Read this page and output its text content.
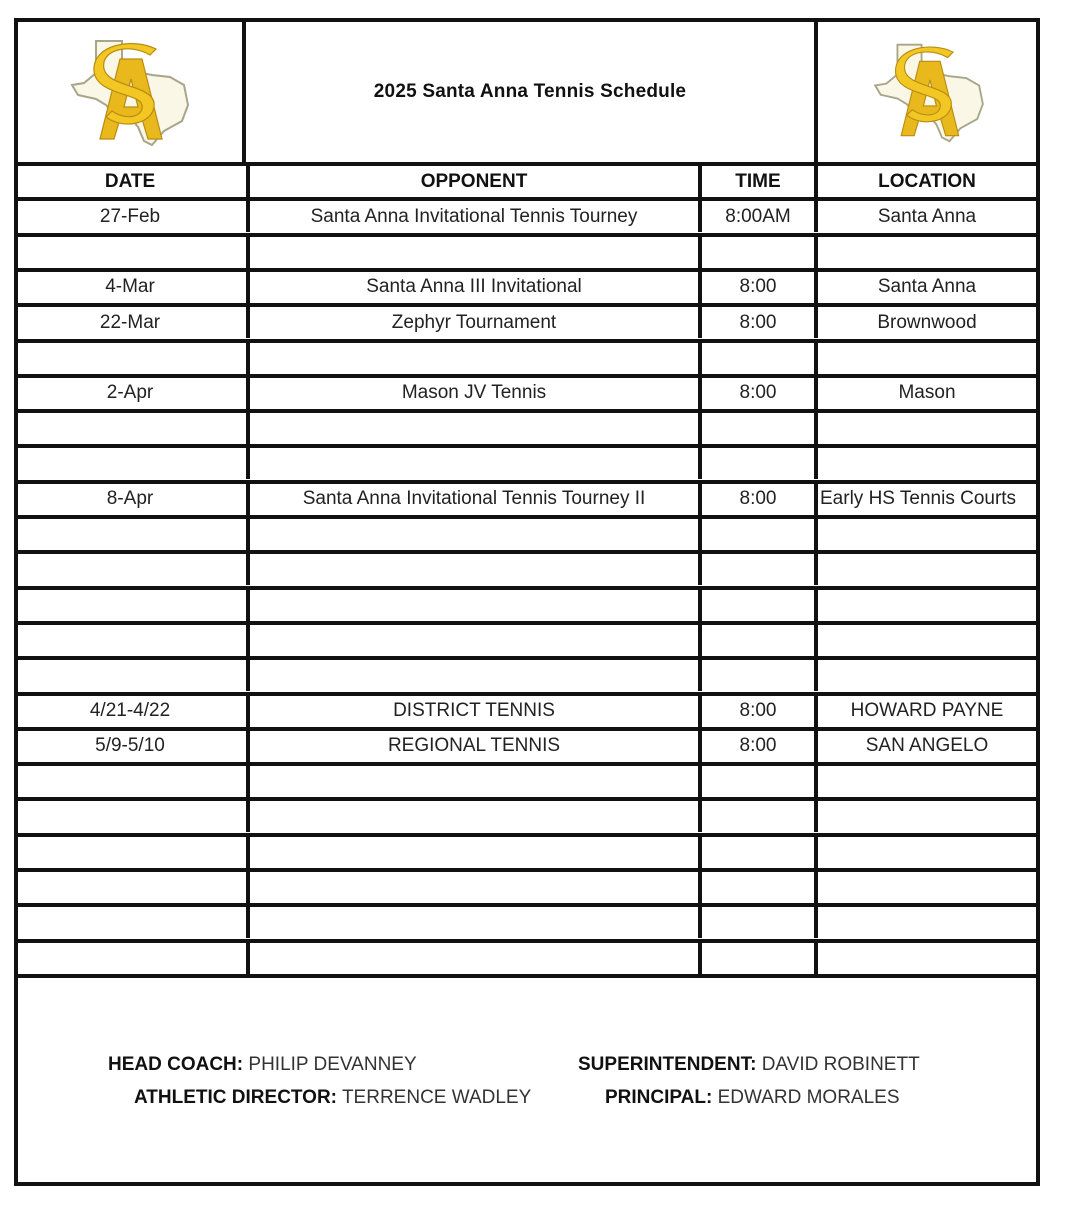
2025 Santa Anna Tennis Schedule
DATE	OPPONENT	TIME	LOCATION
27-Feb	Santa Anna Invitational Tennis Tourney	8:00AM	Santa Anna
4-Mar	Santa Anna III Invitational	8:00	Santa Anna
22-Mar	Zephyr Tournament	8:00	Brownwood
2-Apr	Mason JV Tennis	8:00	Mason
8-Apr	Santa Anna Invitational Tennis Tourney II	8:00	Early HS Tennis Courts
4/21-4/22	DISTRICT TENNIS	8:00	HOWARD PAYNE
5/9-5/10	REGIONAL TENNIS	8:00	SAN ANGELO
HEAD COACH: PHILIP DEVANNEY
ATHLETIC DIRECTOR: TERRENCE WADLEY
SUPERINTENDENT: DAVID ROBINETT
PRINCIPAL: EDWARD MORALES
